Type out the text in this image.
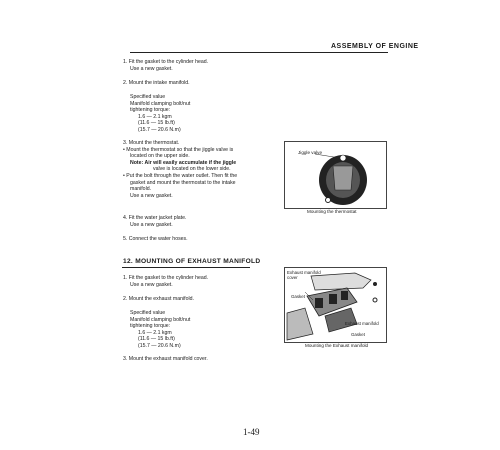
ASSEMBLY OF ENGINE
1. Fit the gasket to the cylinder head.
Use a new gasket.
2. Mount the intake manifold.
Specified value
Manifold clamping bolt/nut
tightening torque:
1.6 — 2.1 kgm
(11.6 — 15 lb.ft)
(15.7 — 20.6 N.m)
3. Mount the thermostat.
• Mount the thermostat so that the jiggle valve is
located on the upper side.
Note: Air will easily accumulate if the jiggle
valve is located on the lower side.
• Put the bolt through the water outlet. Then fit the
gasket and mount the thermostat to the intake
manifold.
Use a new gasket.
4. Fit the water jacket plate.
Use a new gasket.
5. Connect the water hoses.
Jiggle valve
Mounting the thermostat
12. MOUNTING OF EXHAUST MANIFOLD
1. Fit the gasket to the cylinder head.
Use a new gasket.
2. Mount the exhaust manifold.
Specified value
Manifold clamping bolt/nut
tightening torque:
1.6 — 2.1 kgm
(11.6 — 15 lb.ft)
(15.7 — 20.6 N.m)
3. Mount the exhaust manifold cover.
Exhaust manifold cover
Gasket
Exhaust manifold
Gasket
Mounting the Exhaust manifold
1-49
